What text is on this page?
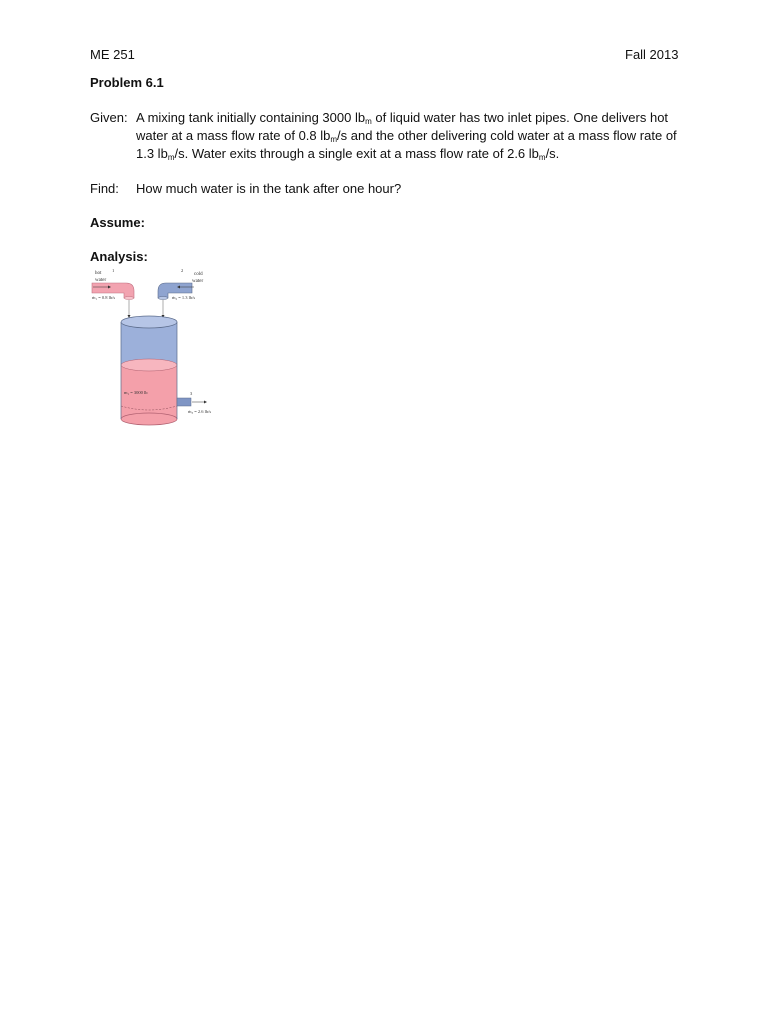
ME 251	Fall 2013
Problem 6.1
Given: A mixing tank initially containing 3000 $lb_m$ of liquid water has two inlet pipes. One delivers hot
water at a mass flow rate of 0.8 $lb_m/s$ and the other delivering cold water at a mass flow rate of
1.3 $lb_m/s$. Water exits through a single exit at a mass flow rate of 2.6 $lb_m/s$.
Find: How much water is in the tank after one hour?
Assume:
Analysis:
hot
water
1
ṁ₁ = 0.8 lb/s
2
cold
water
ṁ₂ = 1.3 lb/s
m₁ = 3000 lb	3
ṁ₃ = 2.6 lb/s
